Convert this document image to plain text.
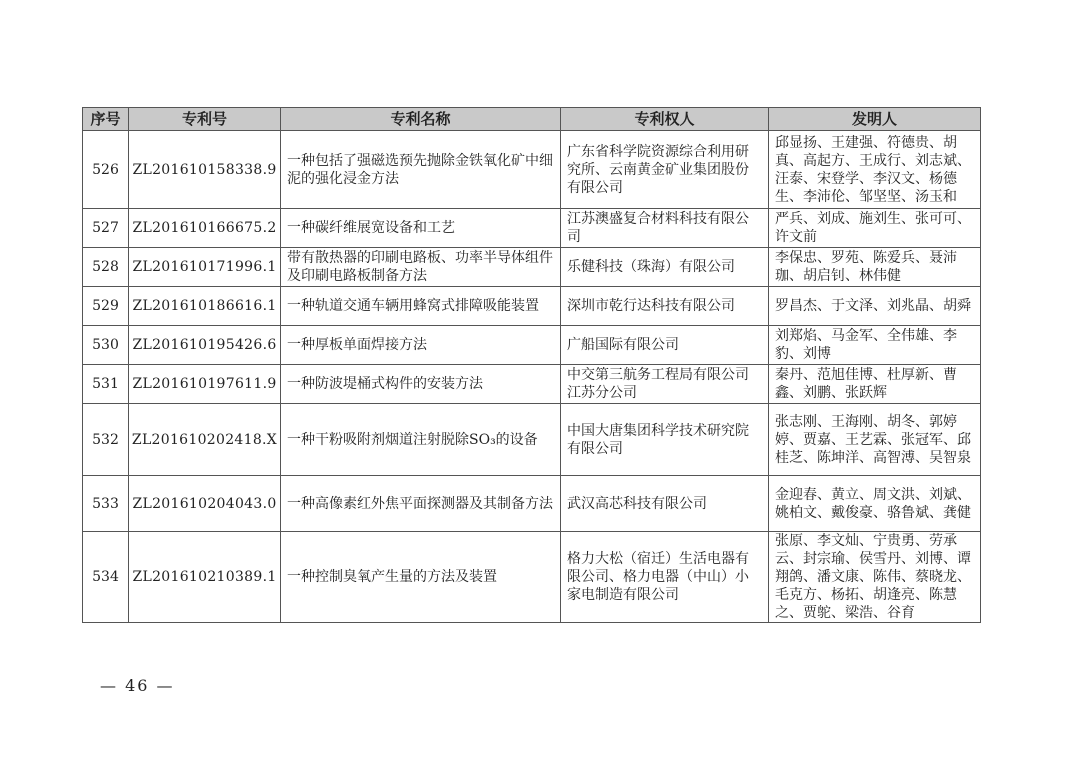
序号	专利号	专利名称	专利权人	发明人
526	ZL201610158338.9	一种包括了强磁选预先抛除金铁氧化矿中细泥的强化浸金方法	广东省科学院资源综合利用研究所、云南黄金矿业集团股份有限公司	邱显扬、王建强、符德贵、胡真、高起方、王成行、刘志斌、汪泰、宋登学、李汉文、杨德生、李沛伦、邹坚坚、汤玉和
527	ZL201610166675.2	一种碳纤维展宽设备和工艺	江苏澳盛复合材料科技有限公司	严兵、刘成、施刘生、张可可、许文前
528	ZL201610171996.1	带有散热器的印刷电路板、功率半导体组件及印刷电路板制备方法	乐健科技（珠海）有限公司	李保忠、罗苑、陈爱兵、聂沛珈、胡启钊、林伟健
529	ZL201610186616.1	一种轨道交通车辆用蜂窝式排障吸能装置	深圳市乾行达科技有限公司	罗昌杰、于文泽、刘兆晶、胡舜
530	ZL201610195426.6	一种厚板单面焊接方法	广船国际有限公司	刘郑焰、马金军、全伟雄、李豹、刘博
531	ZL201610197611.9	一种防波堤桶式构件的安装方法	中交第三航务工程局有限公司江苏分公司	秦丹、范旭佳博、杜厚新、曹鑫、刘鹏、张跃辉
532	ZL201610202418.X	一种干粉吸附剂烟道注射脱除SO₃的设备	中国大唐集团科学技术研究院有限公司	张志刚、王海刚、胡冬、郭婷婷、贾嘉、王艺霖、张冠军、邱桂芝、陈坤洋、高智溥、吴智泉
533	ZL201610204043.0	一种高像素红外焦平面探测器及其制备方法	武汉高芯科技有限公司	金迎春、黄立、周文洪、刘斌、姚柏文、戴俊豪、骆鲁斌、龚健
534	ZL201610210389.1	一种控制臭氧产生量的方法及装置	格力大松（宿迁）生活电器有限公司、格力电器（中山）小家电制造有限公司	张原、李文灿、宁贵勇、劳承云、封宗瑜、侯雪丹、刘博、谭翔鸽、潘文康、陈伟、蔡晓龙、毛克方、杨拓、胡逢亮、陈慧之、贾鸵、梁浩、谷育
— 46 —
